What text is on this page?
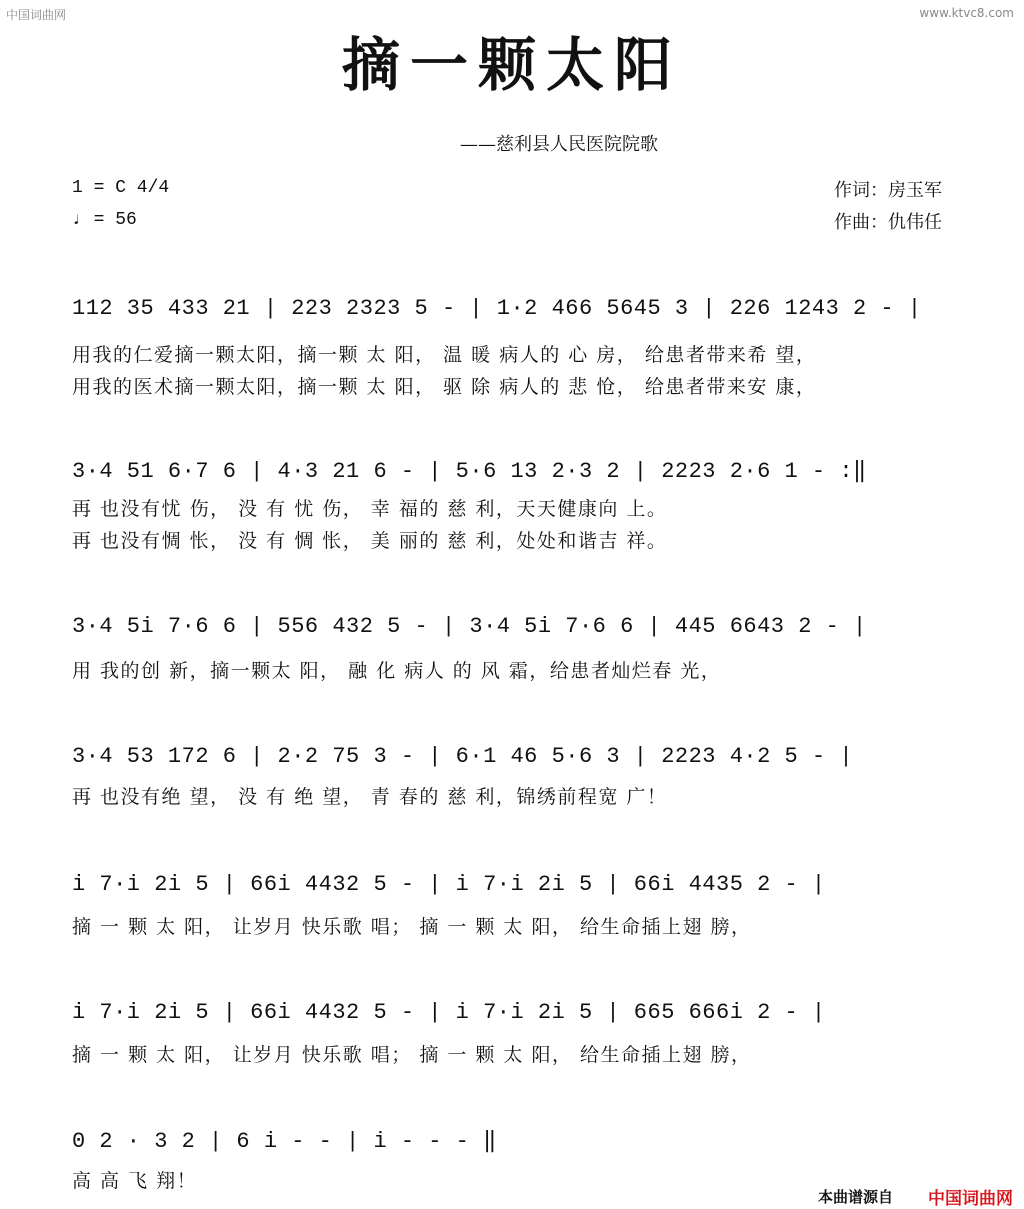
中国词曲网	www.ktvc8.com
摘一颗太阳
——慈利县人民医院院歌
1 = C 4/4
♩ = 56
作词：房玉军
作曲：仇伟任
112 35 433 21 | 223 2323 5 - | 1·2 466 5645 3 | 226 1243 2 - |
用我的仁爱摘一颗太阳，摘一颗 太 阳， 温 暖 病人的 心 房， 给患者带来希 望，
用我的医术摘一颗太阳，摘一颗 太 阳， 驱 除 病人的 悲 怆， 给患者带来安 康，
3·4 51 6·7 6 | 4·3 21 6 - | 5·6 13 2·3 2 | 2223 2·6 1 - :‖
再 也没有忧 伤， 没 有 忧 伤， 幸 福的 慈 利，天天健康向 上。
再 也没有惆 怅， 没 有 惆 怅， 美 丽的 慈 利，处处和谐吉 祥。
3·4 5i 7·6 6 | 556 432 5 - | 3·4 5i 7·6 6 | 445 6643 2 - |
用 我的创 新，摘一颗太 阳， 融 化 病人 的 风 霜，给患者灿烂春 光，
3·4 53 172 6 | 2·2 75 3 - | 6·1 46 5·6 3 | 2223 4·2 5 - |
再 也没有绝 望， 没 有 绝 望， 青 春的 慈 利，锦绣前程宽 广！
i 7·i 2i 5 | 66i 4432 5 - | i 7·i 2i 5 | 66i 4435 2 - |
摘 一 颗 太 阳， 让岁月 快乐歌 唱； 摘 一 颗 太 阳， 给生命插上翅 膀，
i 7·i 2i 5 | 66i 4432 5 - | i 7·i 2i 5 | 665 666i 2 - |
摘 一 颗 太 阳， 让岁月 快乐歌 唱； 摘 一 颗 太 阳， 给生命插上翅 膀，
0 2 · 3 2 | 6 i - - | i - - - ‖
高 高 飞 翔！
本曲谱源自 中国词曲网
